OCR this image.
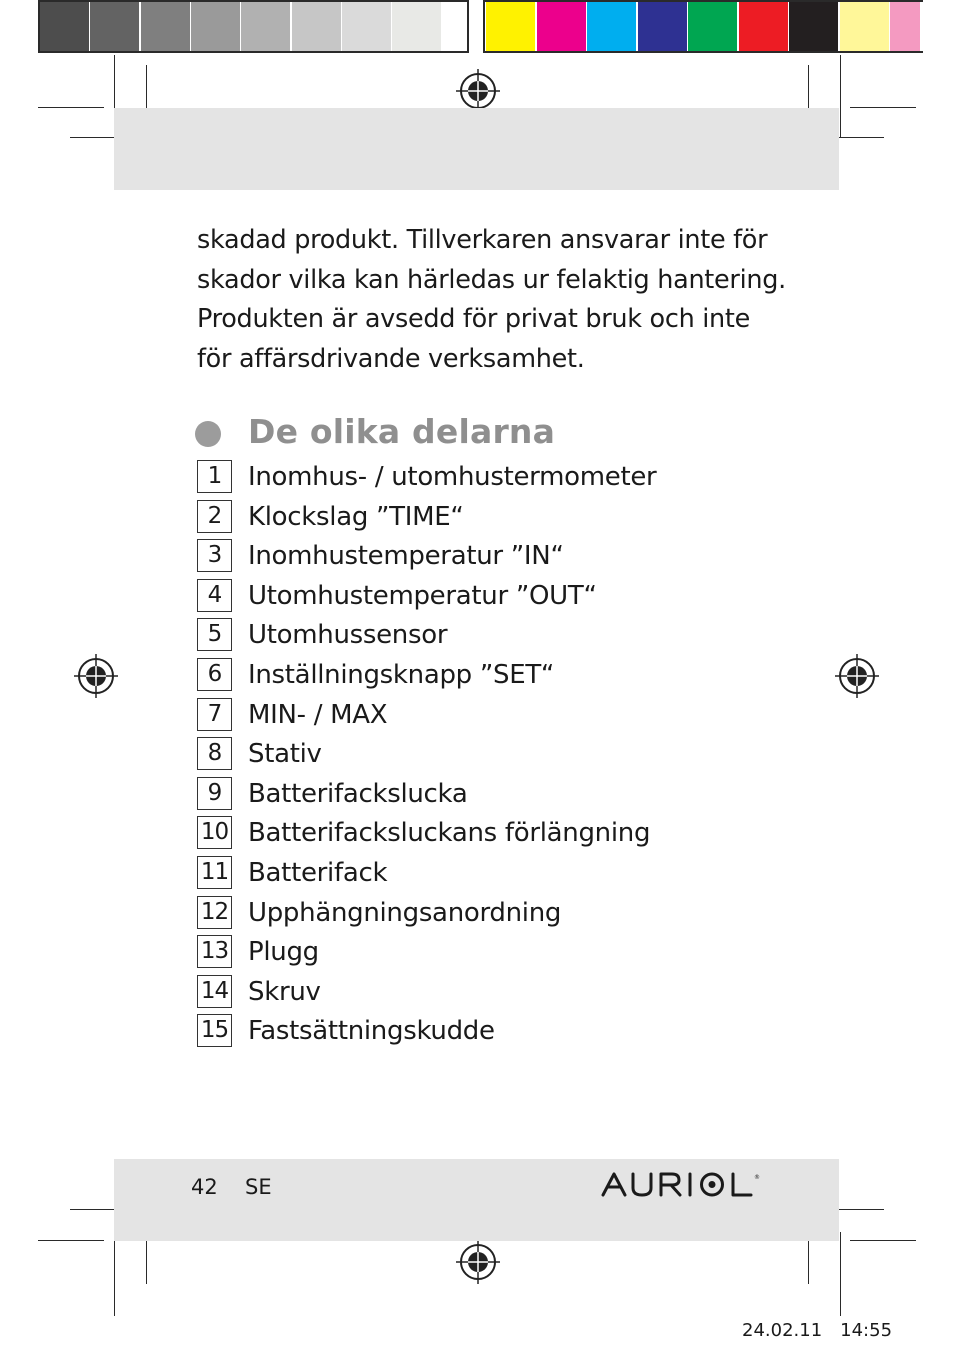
skadad produkt. Tillverkaren ansvarar inte för
skador vilka kan härledas ur felaktig hantering.
Produkten är avsedd för privat bruk och inte
för affärsdrivande verksamhet.
De olika delarna
1	Inomhus- / utomhustermometer
2	Klockslag ”TIME“
3	Inomhustemperatur ”IN“
4	Utomhustemperatur ”OUT“
5	Utomhussensor
6	Inställningsknapp ”SET“
7	MIN- / MAX
8	Stativ
9	Batterifackslucka
10 Batterifacksluckans förlängning
11 Batterifack
12 Upphängningsanordning
13 Plugg
14 Skruv
15 Fastsättningskudde
42 SE	®
24.02.11 14:55
